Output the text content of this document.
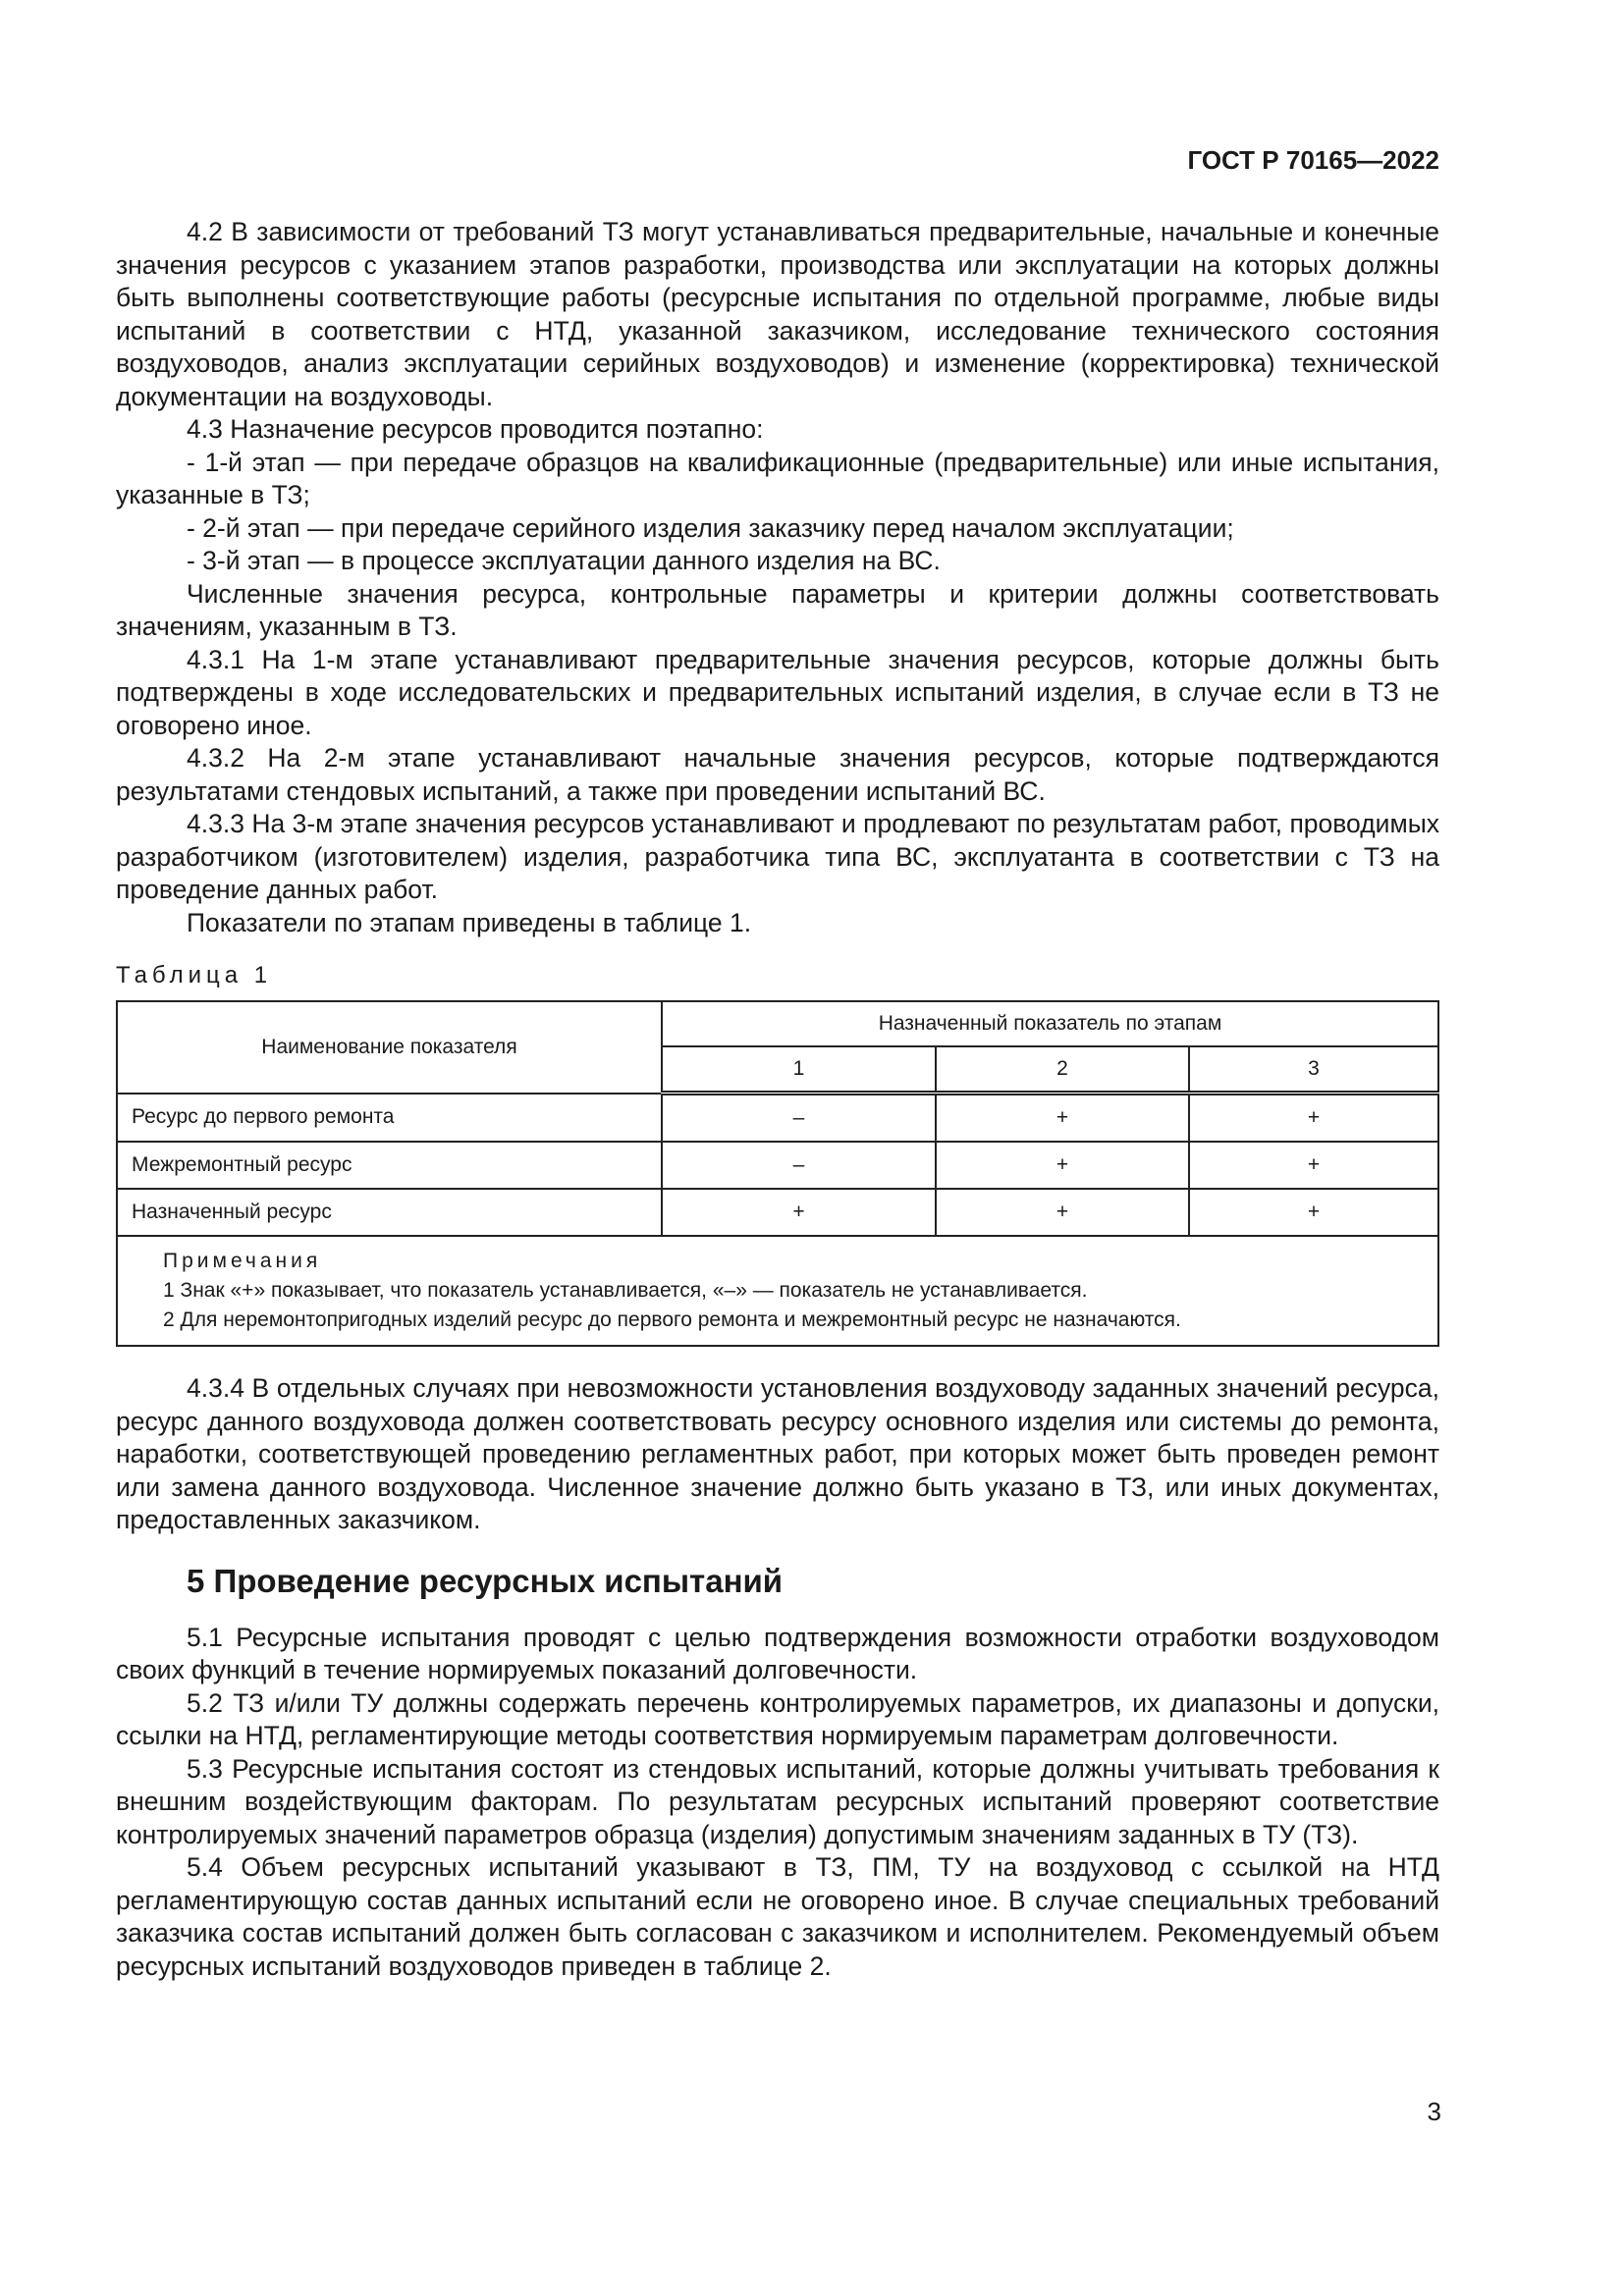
ГОСТ Р 70165—2022

4.2 В зависимости от требований ТЗ могут устанавливаться предварительные, начальные и конечные значения ресурсов с указанием этапов разработки, производства или эксплуатации на которых должны быть выполнены соответствующие работы (ресурсные испытания по отдельной программе, любые виды испытаний в соответствии с НТД, указанной заказчиком, исследование технического состояния воздуховодов, анализ эксплуатации серийных воздуховодов) и изменение (корректировка) технической документации на воздуховоды.

4.3 Назначение ресурсов проводится поэтапно:

- 1-й этап — при передаче образцов на квалификационные (предварительные) или иные испытания, указанные в ТЗ;

- 2-й этап — при передаче серийного изделия заказчику перед началом эксплуатации;

- 3-й этап — в процессе эксплуатации данного изделия на ВС.

Численные значения ресурса, контрольные параметры и критерии должны соответствовать значениям, указанным в ТЗ.

4.3.1 На 1-м этапе устанавливают предварительные значения ресурсов, которые должны быть подтверждены в ходе исследовательских и предварительных испытаний изделия, в случае если в ТЗ не оговорено иное.

4.3.2 На 2-м этапе устанавливают начальные значения ресурсов, которые подтверждаются результатами стендовых испытаний, а также при проведении испытаний ВС.

4.3.3 На 3-м этапе значения ресурсов устанавливают и продлевают по результатам работ, проводимых разработчиком (изготовителем) изделия, разработчика типа ВС, эксплуатанта в соответствии с ТЗ на проведение данных работ.

Показатели по этапам приведены в таблице 1.

Таблица 1
Наименование показателя	Назначенный показатель по этапам		
	1	2	3
Ресурс до первого ремонта	–	+	+
Межремонтный ресурс	–	+	+
Назначенный ресурс	+	+	+

Примечания
1 Знак «+» показывает, что показатель устанавливается, «–» — показатель не устанавливается.
2 Для неремонтопригодных изделий ресурс до первого ремонта и межремонтный ресурс не назначаются.			

4.3.4 В отдельных случаях при невозможности установления воздуховоду заданных значений ресурса, ресурс данного воздуховода должен соответствовать ресурсу основного изделия или системы до ремонта, наработки, соответствующей проведению регламентных работ, при которых может быть проведен ремонт или замена данного воздуховода. Численное значение должно быть указано в ТЗ, или иных документах, предоставленных заказчиком.

5 Проведение ресурсных испытаний

5.1 Ресурсные испытания проводят с целью подтверждения возможности отработки воздуховодом своих функций в течение нормируемых показаний долговечности.

5.2 ТЗ и/или ТУ должны содержать перечень контролируемых параметров, их диапазоны и допуски, ссылки на НТД, регламентирующие методы соответствия нормируемым параметрам долговечности.

5.3 Ресурсные испытания состоят из стендовых испытаний, которые должны учитывать требования к внешним воздействующим факторам. По результатам ресурсных испытаний проверяют соответствие контролируемых значений параметров образца (изделия) допустимым значениям заданных в ТУ (ТЗ).

5.4 Объем ресурсных испытаний указывают в ТЗ, ПМ, ТУ на воздуховод с ссылкой на НТД регламентирующую состав данных испытаний если не оговорено иное. В случае специальных требований заказчика состав испытаний должен быть согласован с заказчиком и исполнителем. Рекомендуемый объем ресурсных испытаний воздуховодов приведен в таблице 2.

3
